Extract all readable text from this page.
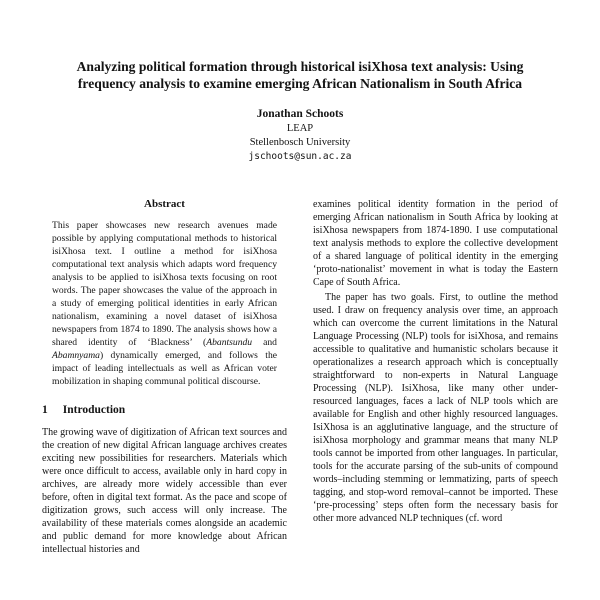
Analyzing political formation through historical isiXhosa text analysis: Using frequency analysis to examine emerging African Nationalism in South Africa
Jonathan Schoots
LEAP
Stellenbosch University
jschoots@sun.ac.za
Abstract

This paper showcases new research avenues made possible by applying computational methods to historical isiXhosa text. I outline a method for isiXhosa computational text analysis which adapts word frequency analysis to be applied to isiXhosa texts focusing on root words. The paper showcases the value of the approach in a study of emerging political identities in early African nationalism, examining a novel dataset of isiXhosa newspapers from 1874 to 1890. The analysis shows how a shared identity of ‘Blackness’ (Abantsundu and Abamnyama) dynamically emerged, and follows the impact of leading intellectuals as well as African voter mobilization in shaping communal political discourse.

1 Introduction

The growing wave of digitization of African text sources and the creation of new digital African language archives creates exciting new possibilities for researchers. Materials which were once difficult to access, available only in hard copy in archives, are already more widely accessible than ever before, often in digital text format. As the pace and scope of digitization grows, such access will only increase. The availability of these materials comes alongside an academic and public demand for more knowledge about African intellectual histories and

examines political identity formation in the period of emerging African nationalism in South Africa by looking at isiXhosa newspapers from 1874-1890. I use computational text analysis methods to explore the collective development of a shared language of political identity in the emerging ‘proto-nationalist’ movement in what is today the Eastern Cape of South Africa.

The paper has two goals. First, to outline the method used. I draw on frequency analysis over time, an approach which can overcome the current limitations in the Natural Language Processing (NLP) tools for isiXhosa, and remains accessible to qualitative and humanistic scholars because it operationalizes a research approach which is conceptually straightforward to non-experts in Natural Language Processing (NLP). IsiXhosa, like many other under-resourced languages, faces a lack of NLP tools which are available for English and other highly resourced languages. IsiXhosa is an agglutinative language, and the structure of isiXhosa morphology and grammar means that many NLP tools cannot be imported from other languages. In particular, tools for the accurate parsing of the sub-units of compound words–including stemming or lemmatizing, parts of speech tagging, and stop-word removal–cannot be imported. These ‘pre-processing’ steps often form the necessary basis for other more advanced NLP techniques (cf. word
